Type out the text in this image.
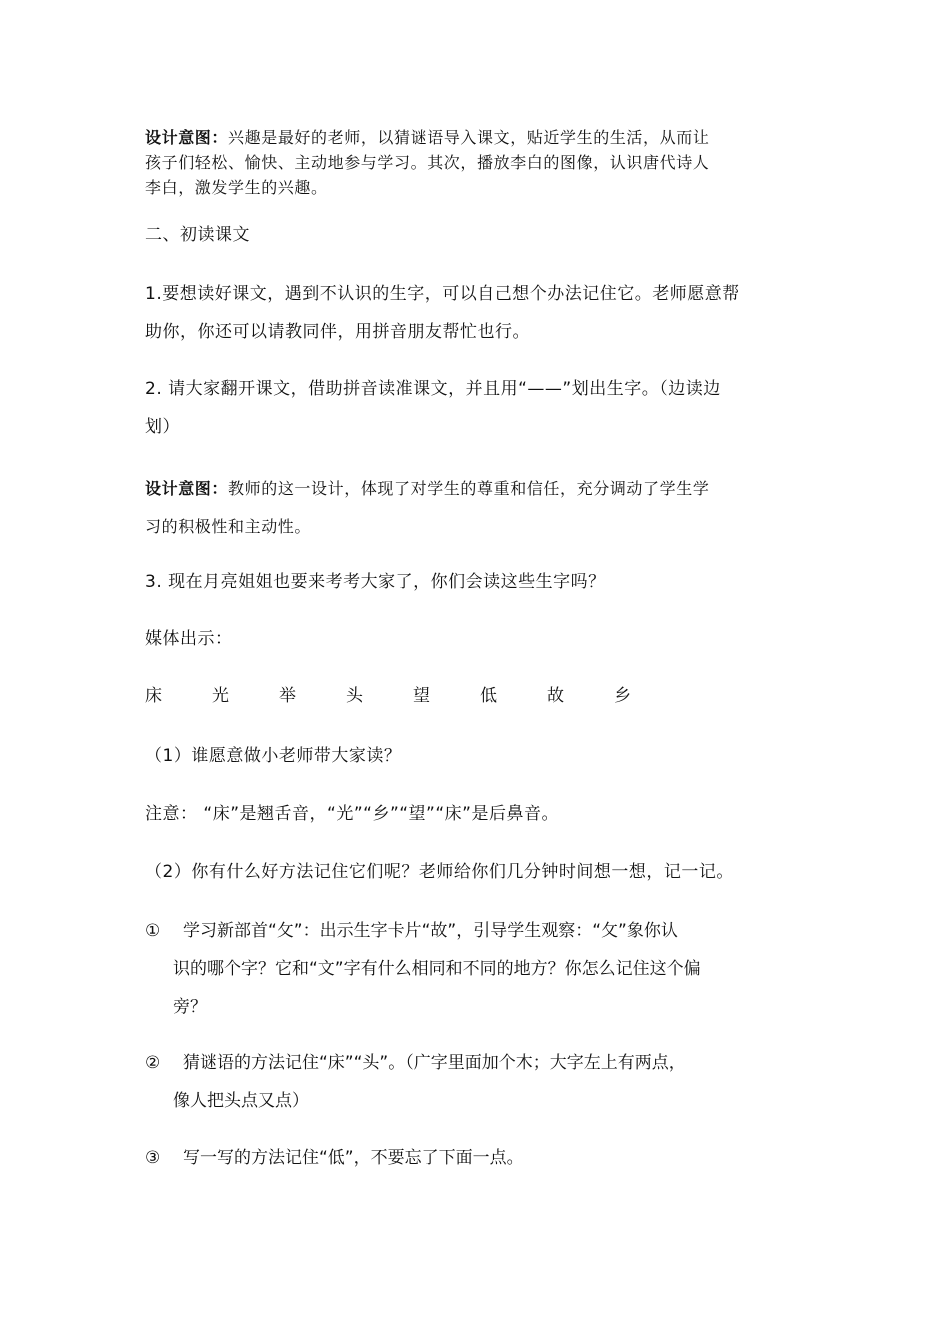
设计意图：兴趣是最好的老师，以猜谜语导入课文，贴近学生的生活，从而让
孩子们轻松、愉快、主动地参与学习。其次，播放李白的图像，认识唐代诗人
李白，激发学生的兴趣。
二、初读课文
1.要想读好课文，遇到不认识的生字，可以自己想个办法记住它。老师愿意帮
助你，你还可以请教同伴，用拼音朋友帮忙也行。
2. 请大家翻开课文，借助拼音读准课文，并且用“——”划出生字。（边读边
划）
设计意图：教师的这一设计，体现了对学生的尊重和信任，充分调动了学生学
习的积极性和主动性。
3. 现在月亮姐姐也要来考考大家了，你们会读这些生字吗？
媒体出示：
床	光	举	头	望	低	故	乡
（1）谁愿意做小老师带大家读？
注意： “床”是翘舌音，“光”“乡”“望”“床”是后鼻音。
（2）你有什么好方法记住它们呢？老师给你们几分钟时间想一想，记一记。
① 学习新部首“攵”：出示生字卡片“故”，引导学生观察：“攵”象你认
识的哪个字？它和“文”字有什么相同和不同的地方？你怎么记住这个偏
旁？
② 猜谜语的方法记住“床”“头”。（广字里面加个木；大字左上有两点，
像人把头点又点）
③ 写一写的方法记住“低”，不要忘了下面一点。
